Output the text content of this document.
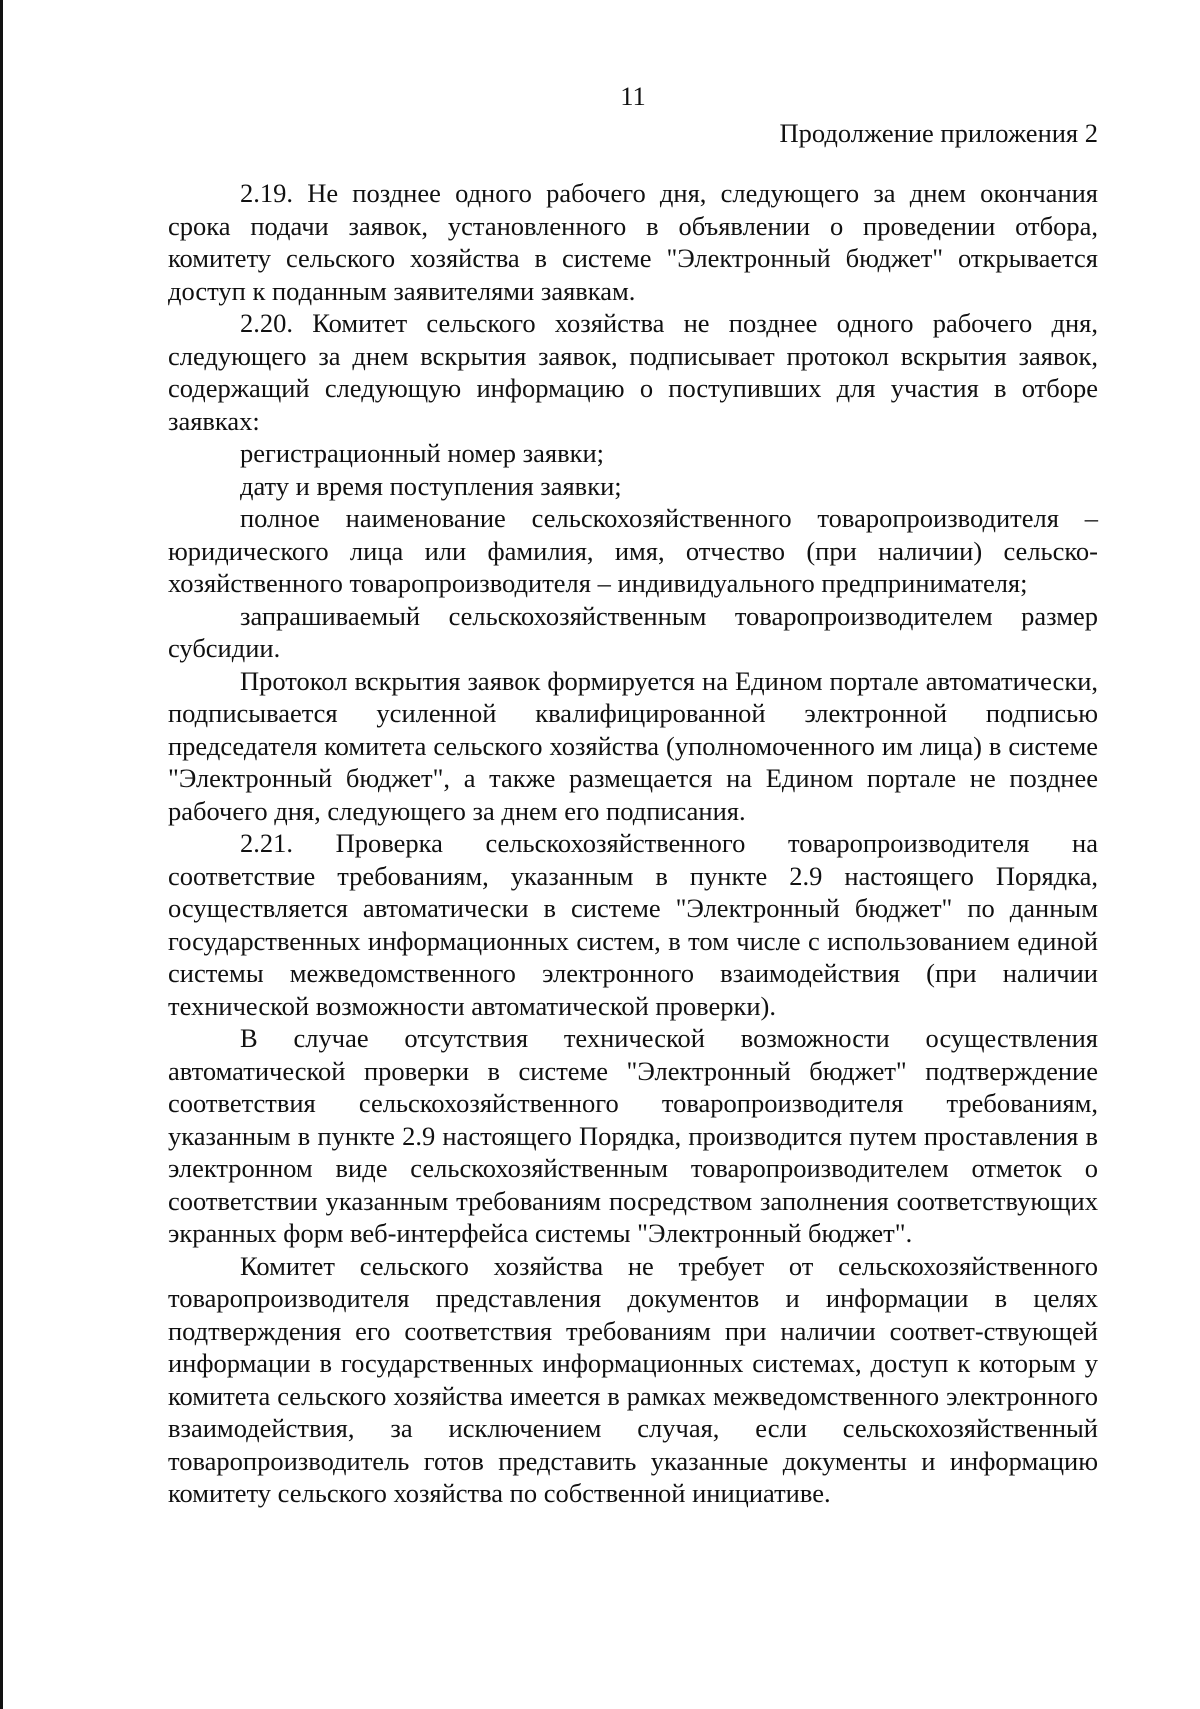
11
Продолжение приложения 2

2.19. Не позднее одного рабочего дня, следующего за днем окончания срока подачи заявок, установленного в объявлении о проведении отбора, комитету сельского хозяйства в системе "Электронный бюджет" открывается доступ к поданным заявителями заявкам.

2.20. Комитет сельского хозяйства не позднее одного рабочего дня, следующего за днем вскрытия заявок, подписывает протокол вскрытия заявок, содержащий следующую информацию о поступивших для участия в отборе заявках:

регистрационный номер заявки;

дату и время поступления заявки;

полное наименование сельскохозяйственного товаропроизводителя – юридического лица или фамилия, имя, отчество (при наличии) сельско-хозяйственного товаропроизводителя – индивидуального предпринимателя;

запрашиваемый сельскохозяйственным товаропроизводителем размер субсидии.

Протокол вскрытия заявок формируется на Едином портале автоматически, подписывается усиленной квалифицированной электронной подписью председателя комитета сельского хозяйства (уполномоченного им лица) в системе "Электронный бюджет", а также размещается на Едином портале не позднее рабочего дня, следующего за днем его подписания.

2.21. Проверка сельскохозяйственного товаропроизводителя на соответствие требованиям, указанным в пункте 2.9 настоящего Порядка, осуществляется автоматически в системе "Электронный бюджет" по данным государственных информационных систем, в том числе с использованием единой системы межведомственного электронного взаимодействия (при наличии технической возможности автоматической проверки).

В случае отсутствия технической возможности осуществления автоматической проверки в системе "Электронный бюджет" подтверждение соответствия сельскохозяйственного товаропроизводителя требованиям, указанным в пункте 2.9 настоящего Порядка, производится путем проставления в электронном виде сельскохозяйственным товаропроизводителем отметок о соответствии указанным требованиям посредством заполнения соответствующих экранных форм веб-интерфейса системы "Электронный бюджет".

Комитет сельского хозяйства не требует от сельскохозяйственного товаропроизводителя представления документов и информации в целях подтверждения его соответствия требованиям при наличии соответ-ствующей информации в государственных информационных системах, доступ к которым у комитета сельского хозяйства имеется в рамках межведомственного электронного взаимодействия, за исключением случая, если сельскохозяйственный товаропроизводитель готов представить указанные документы и информацию комитету сельского хозяйства по собственной инициативе.
